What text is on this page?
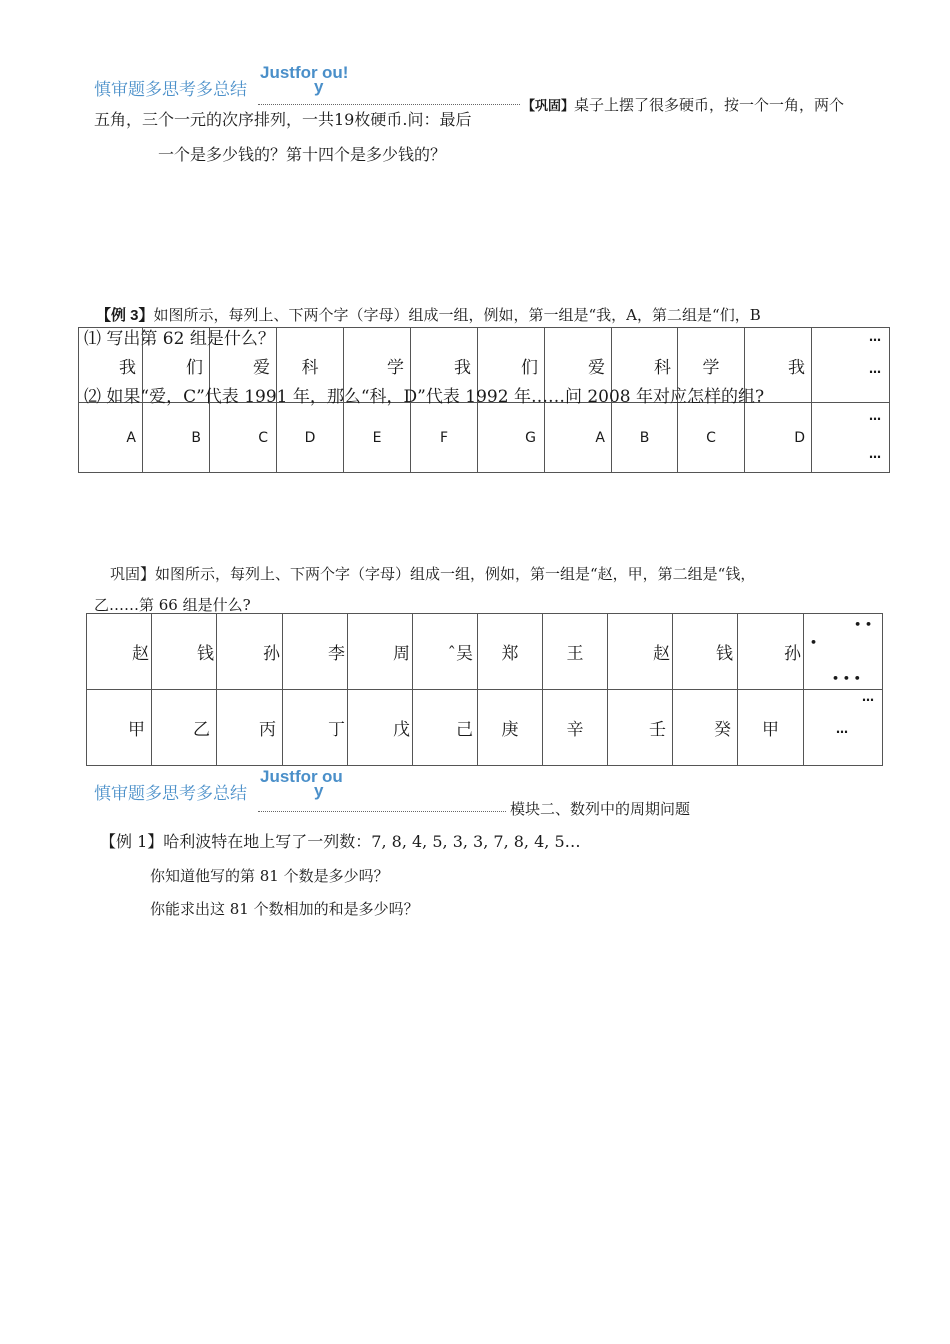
慎审题多思考多总结
Justfor ou!
y
【巩固】桌子上摆了很多硬币，按一个一角，两个
五角，三个一元的次序排列，一共19枚硬币.问：最后
一个是多少钱的？第十四个是多少钱的？
【例 3】如图所示，每列上、下两个字（字母）组成一组，例如，第一组是“我，A，第二组是“们，B
我	们	爱	科	学	我	们	爱	科	学	我	…
…

A	B	C	D	E	F	G	A	B	C	D	…
…
⑴ 写出第 62 组是什么？
⑵ 如果“爱，C”代表 1991 年，那么“科，D”代表 1992 年……问 2008 年对应怎样的组?
巩固】如图所示，每列上、下两个字（字母）组成一组，例如，第一组是“赵，甲，第二组是“钱，
乙……第 66 组是什么?
赵	钱	孙	李	周	ˆ吴	郑	王	赵	钱	孙	• •
•
• • •

甲	乙	丙	丁	戊	己	庚	辛	壬	癸	甲	…
…
慎审题多思考多总结
Justfor ou
y
模块二、数列中的周期问题
【例 1】哈利波特在地上写了一列数：7, 8, 4, 5, 3, 3, 7, 8, 4, 5…
你知道他写的第 81 个数是多少吗？
你能求出这 81 个数相加的和是多少吗？
